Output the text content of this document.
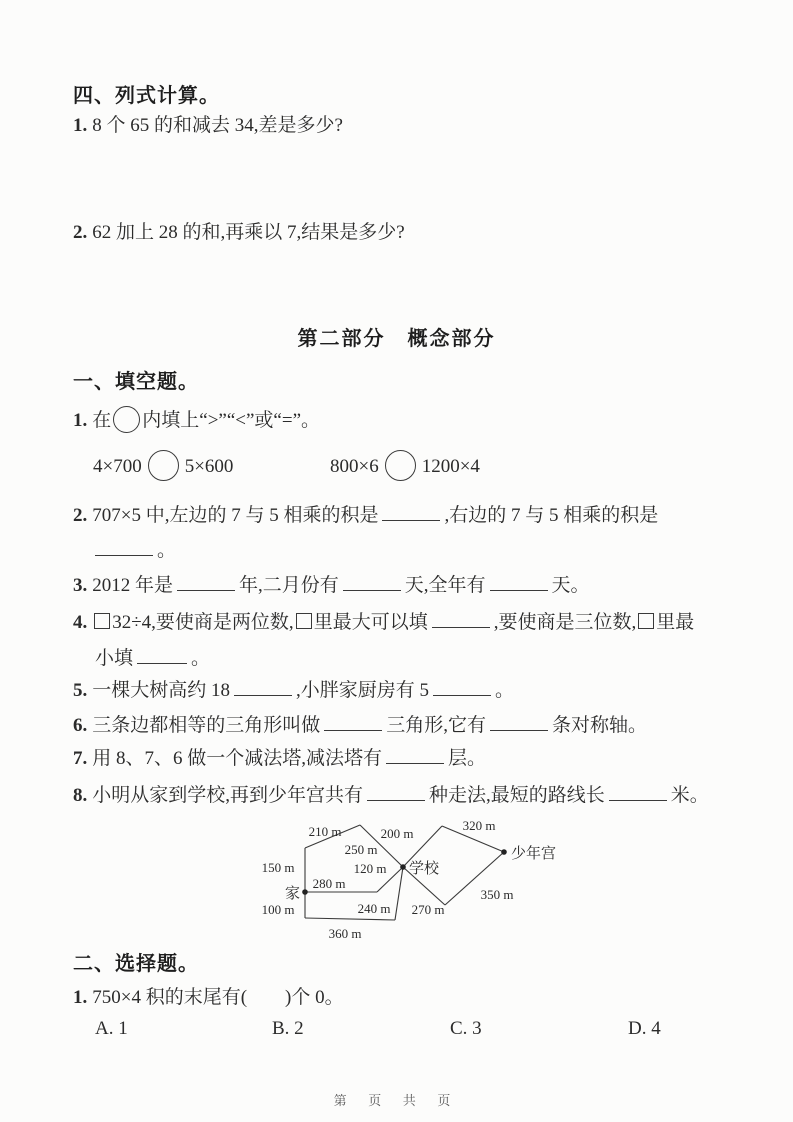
四、列式计算。
1. 8 个 65 的和减去 34,差是多少?
2. 62 加上 28 的和,再乘以 7,结果是多少?
第二部分　概念部分
一、填空题。
1. 在 内填上“>”“<”或“=”。
4×700 5×600	800×6 1200×4
2. 707×5 中,左边的 7 与 5 相乘的积是	,右边的 7 与 5 相乘的积是
。
3. 2012 年是	年,二月份有	天,全年有	天。
4. 32÷4,要使商是两位数, 里最大可以填	,要使商是三位数, 里最
小填	。
5. 一棵大树高约 18	,小胖家厨房有 5	。
6. 三条边都相等的三角形叫做	三角形,它有	条对称轴。
7. 用 8、7、6 做一个减法塔,减法塔有	层。
8. 小明从家到学校,再到少年宫共有	种走法,最短的路线长	米。
210 m
250 m
200 m
320 m
150 m	120 m
280 m
100 m	240 m 270 m
350 m
360 m
家
学校
少年宫
二、选择题。
1. 750×4 积的末尾有(　　)个 0。
A. 1	B. 2	C. 3	D. 4
第 页 共 页
